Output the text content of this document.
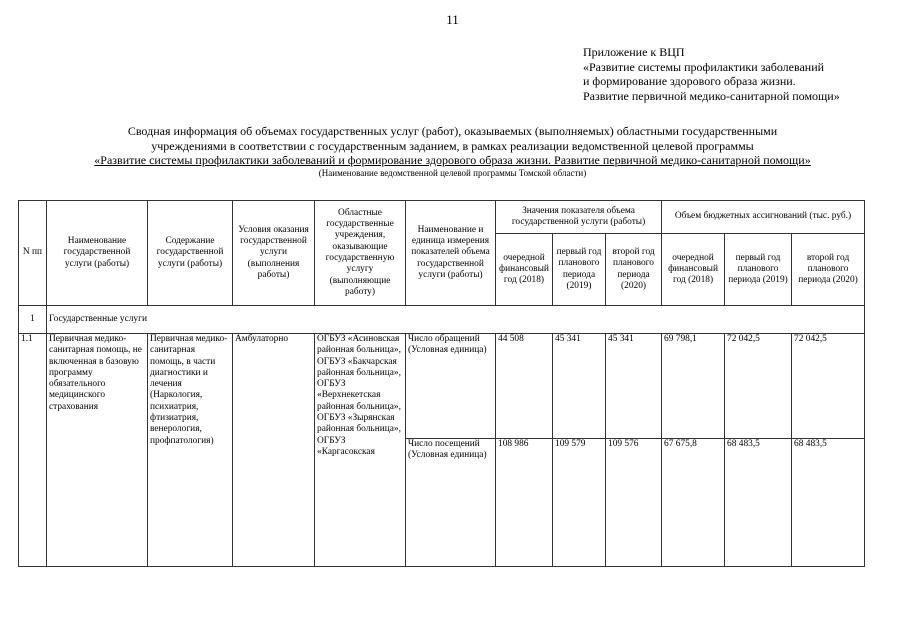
11
Приложение к ВЦП
«Развитие системы профилактики заболеваний
и формирование здорового образа жизни.
Развитие первичной медико-санитарной помощи»
Сводная информация об объемах государственных услуг (работ), оказываемых (выполняемых) областными государственными
учреждениями в соответствии с государственным заданием, в рамках реализации ведомственной целевой программы
«Развитие системы профилактики заболеваний и формирование здорового образа жизни. Развитие первичной медико-санитарной помощи»
(Наименование ведомственной целевой программы Томской области)
N пп	Наименование государственной услуги (работы)	Содержание государственной услуги (работы)	Условия оказания государственной услуги (выполнения работы)	Областные государственные учреждения, оказывающие государственную услугу (выполняющие работу)	Наименование и единица измерения показателей объема государственной услуги (работы)	Значения показателя объема государственной услуги (работы)			Объем бюджетных ассигнований (тыс. руб.)		
						очередной финансовый год (2018)	первый год планового периода (2019)	второй год планового периода (2020)	очередной финансовый год (2018)	первый год планового периода (2019)	второй год планового периода (2020)
1	Государственные услуги										
1.1	Первичная медико-санитарная помощь, не включенная в базовую программу обязательного медицинского страхования	Первичная медико-санитарная помощь, в части диагностики и лечения (Наркология, психиатрия, фтизиатрия, венерология, профпатология)	Амбулаторно	ОГБУЗ «Асиновская районная больница», ОГБУЗ «Бакчарская районная больница», ОГБУЗ «Верхнекетская районная больница», ОГБУЗ «Зырянская районная больница», ОГБУЗ «Каргасокская	Число обращений (Условная единица)	44 508	45 341	45 341	69 798,1	72 042,5	72 042,5
					Число посещений (Условная единица)	108 986	109 579	109 576	67 675,8	68 483,5	68 483,5
